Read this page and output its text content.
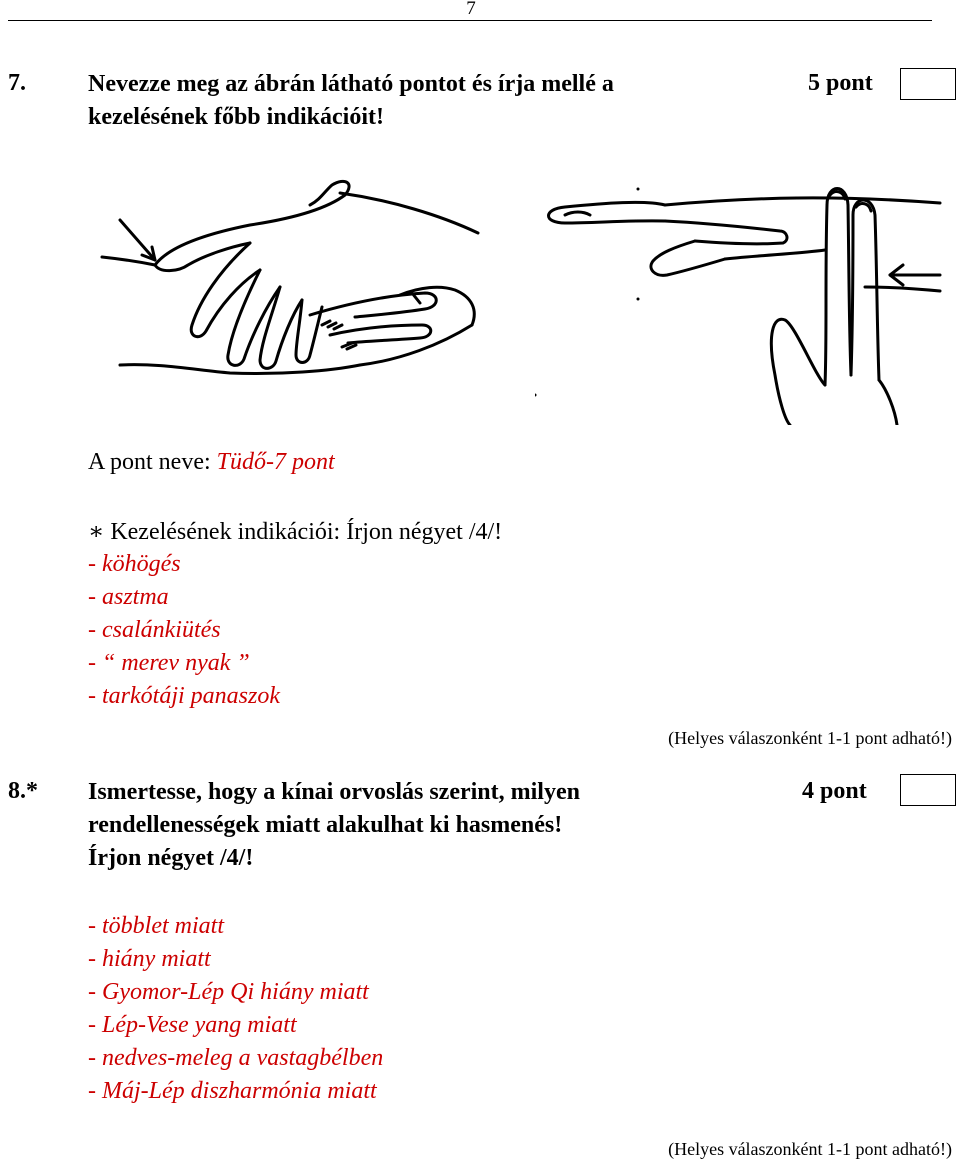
7
7.	Nevezze meg az ábrán látható pontot és írja mellé a
kezelésének főbb indikációit!
5 pont
A pont neve: Tüdő-7 pont
∗ Kezelésének indikációi: Írjon négyet /4/!
- köhögés
- asztma
- csalánkiütés
- “ merev nyak ”
- tarkótáji panaszok
(Helyes válaszonként 1-1 pont adható!)
8.* Ismertesse, hogy a kínai orvoslás szerint, milyen
rendellenességek miatt alakulhat ki hasmenés!
Írjon négyet /4/!
4 pont
- többlet miatt
- hiány miatt
- Gyomor-Lép Qi hiány miatt
- Lép-Vese yang miatt
- nedves-meleg a vastagbélben
- Máj-Lép diszharmónia miatt
(Helyes válaszonként 1-1 pont adható!)
